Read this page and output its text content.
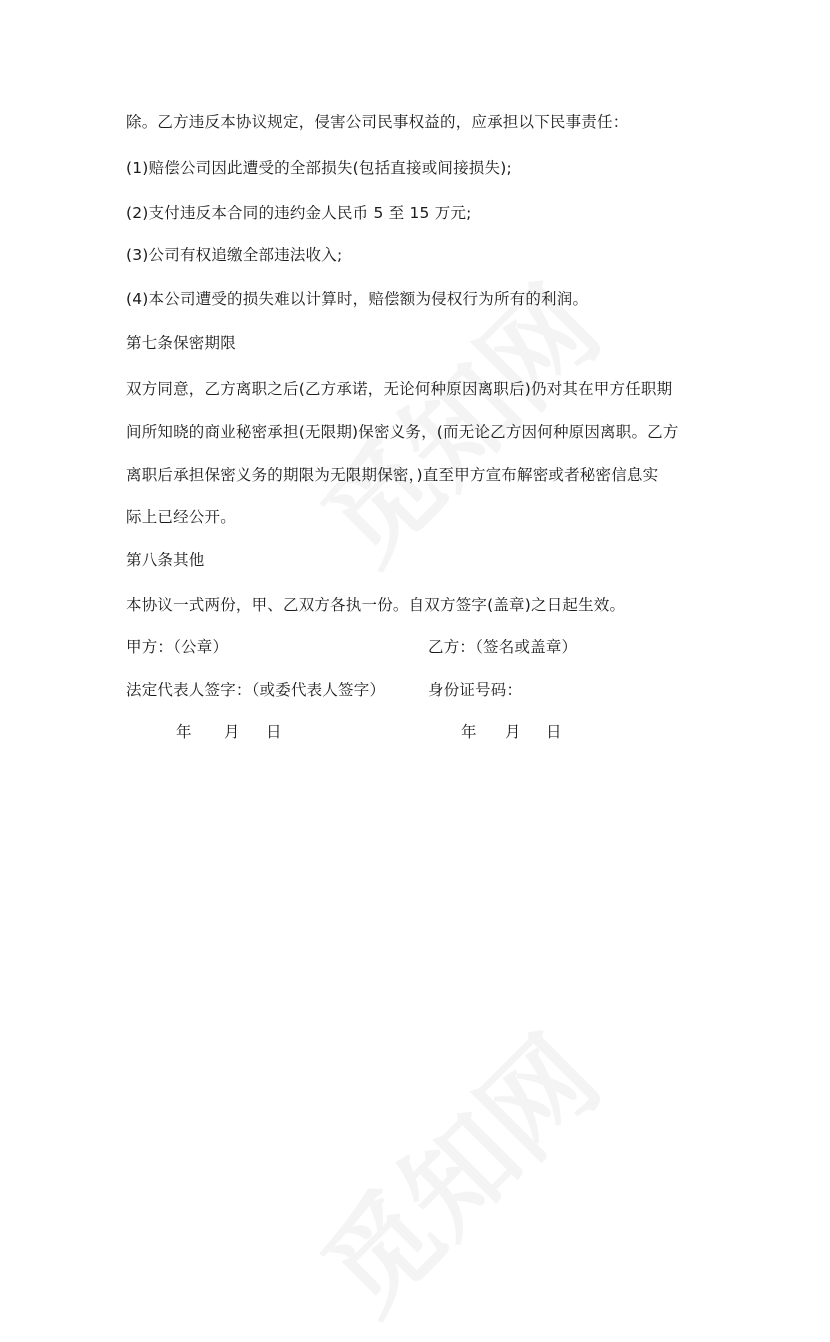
除。乙方违反本协议规定，侵害公司民事权益的，应承担以下民事责任：
(1)赔偿公司因此遭受的全部损失(包括直接或间接损失);
(2)支付违反本合同的违约金人民币 5 至 15 万元;
(3)公司有权追缴全部违法收入;
(4)本公司遭受的损失难以计算时，赔偿额为侵权行为所有的利润。
第七条保密期限
双方同意，乙方离职之后(乙方承诺，无论何种原因离职后)仍对其在甲方任职期
间所知晓的商业秘密承担(无限期)保密义务，(而无论乙方因何种原因离职。乙方
离职后承担保密义务的期限为无限期保密，)直至甲方宣布解密或者秘密信息实
际上已经公开。
第八条其他
本协议一式两份，甲、乙双方各执一份。自双方签字(盖章)之日起生效。
甲方：（公章）	乙方：（签名或盖章）
法定代表人签字：（或委代表人签字）	身份证号码：
年 月 日	年 月 日
